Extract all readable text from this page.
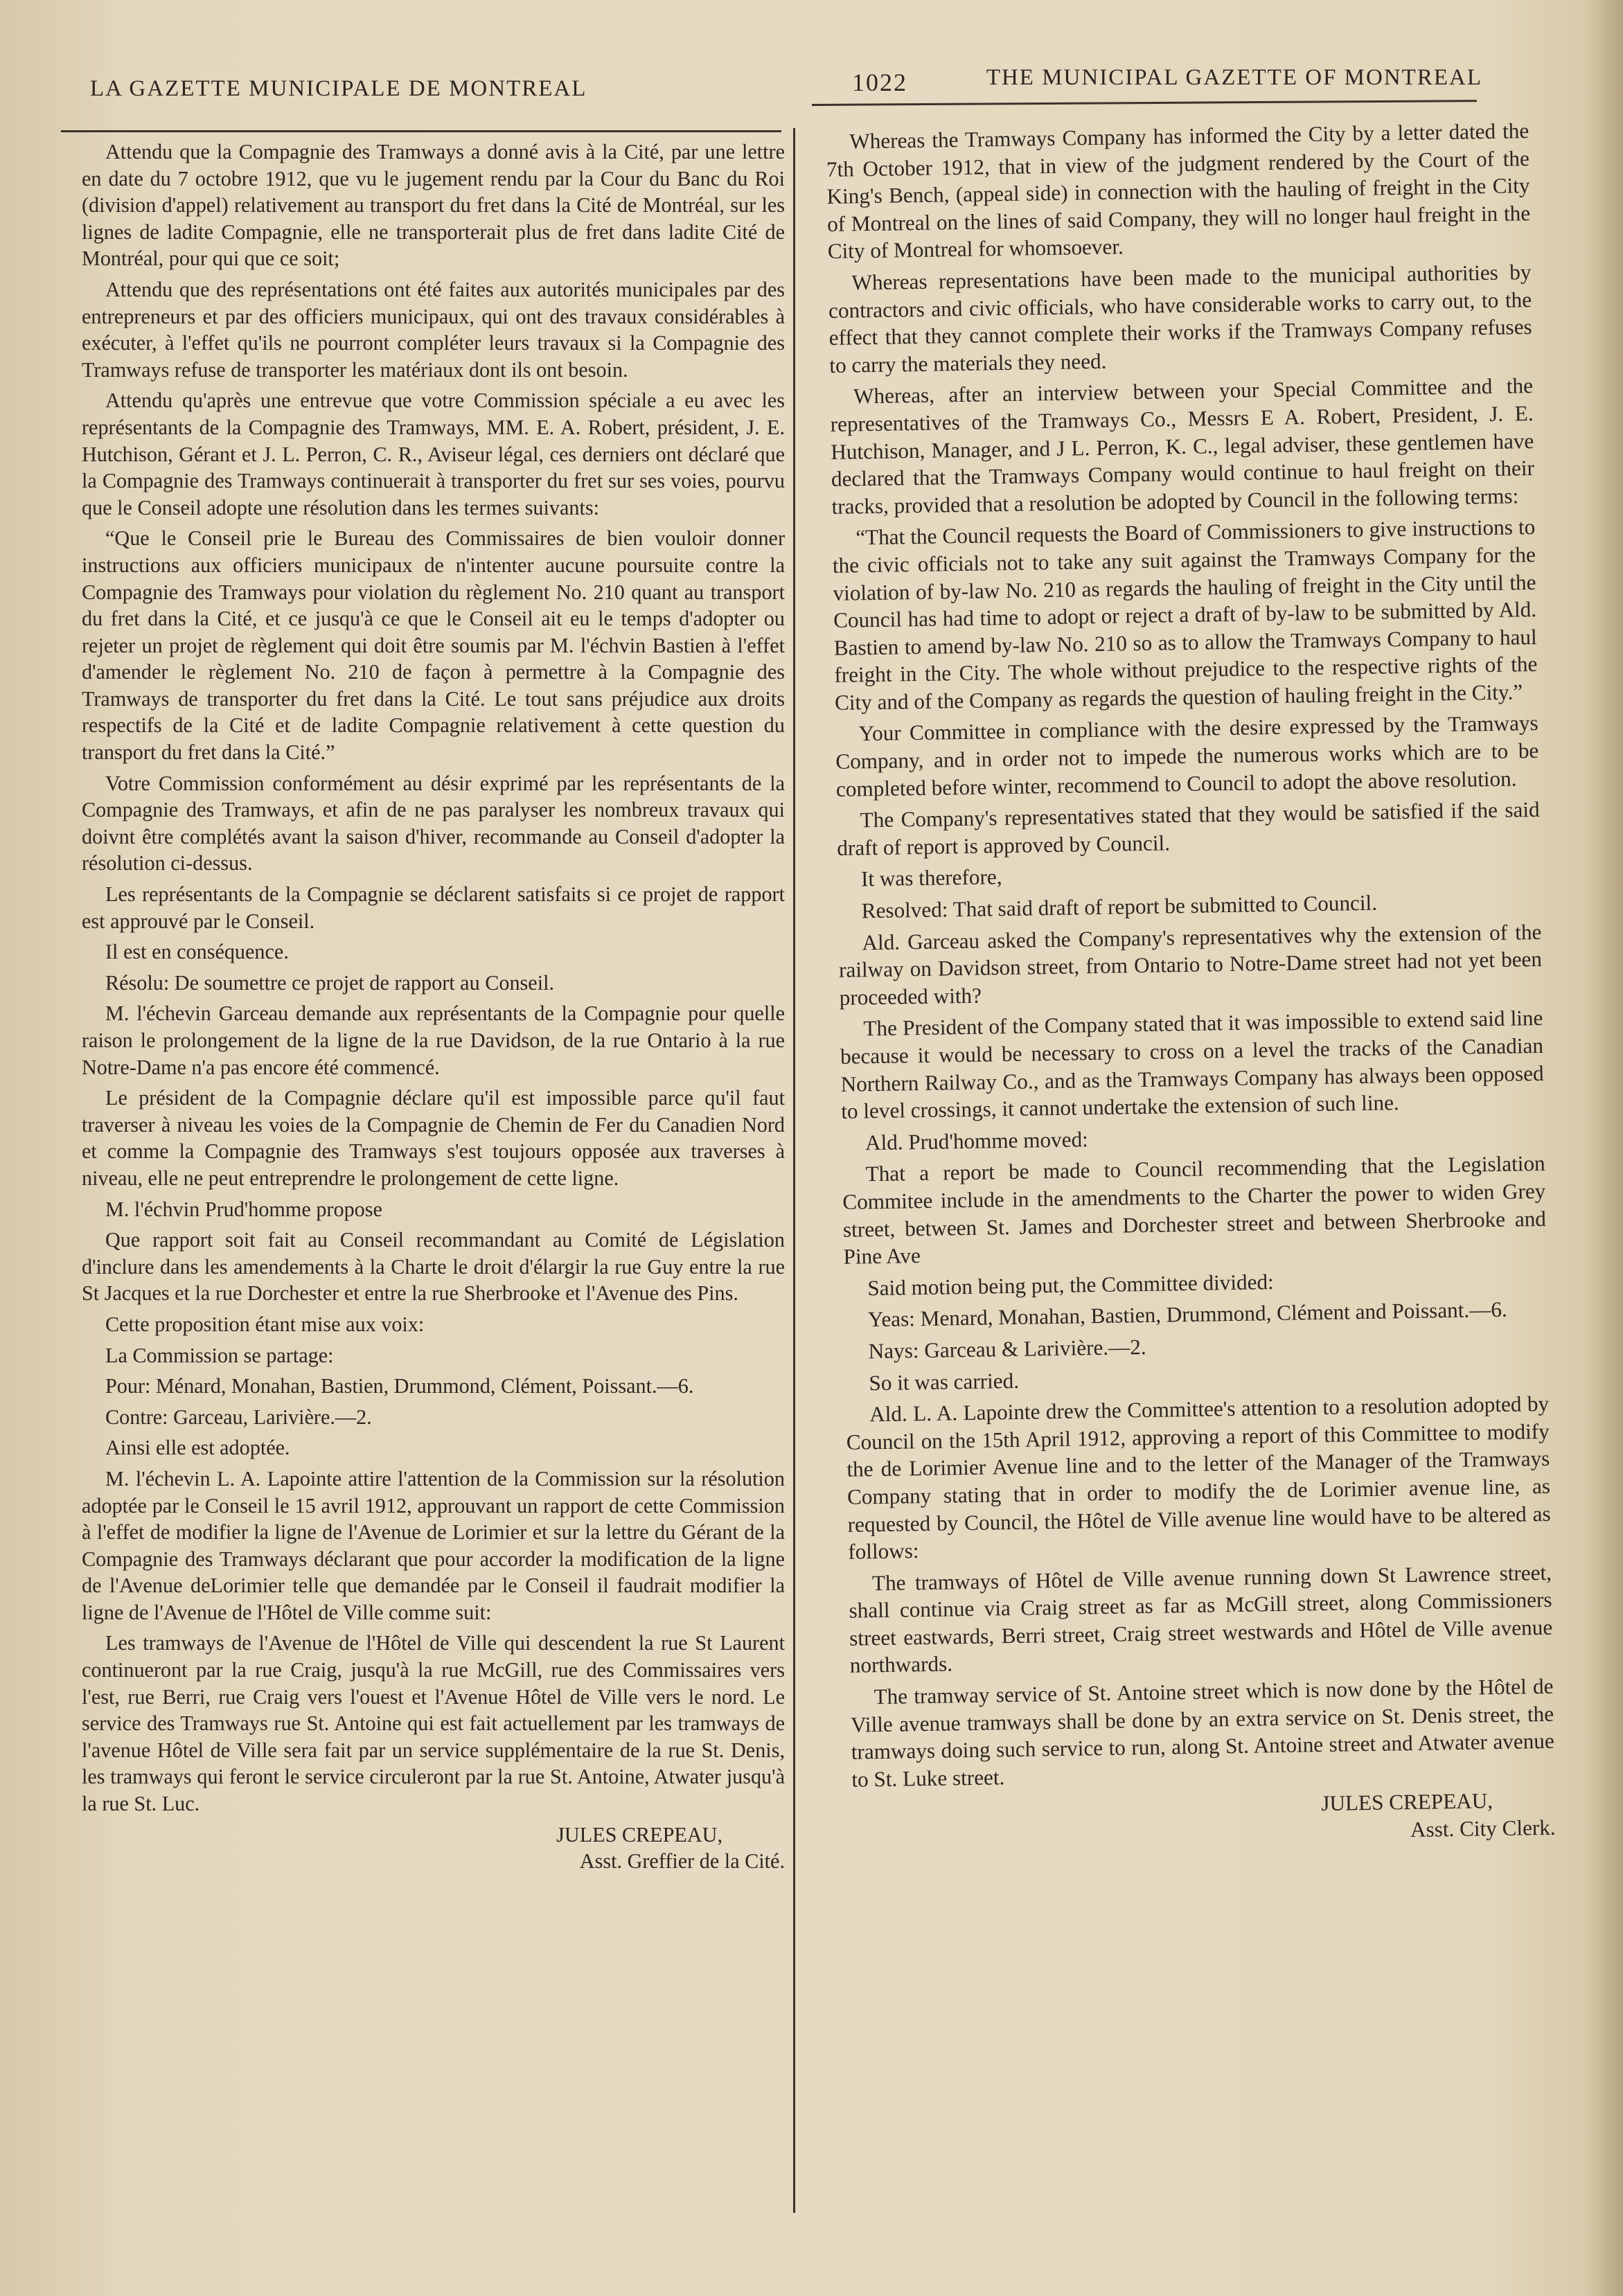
LA GAZETTE MUNICIPALE DE MONTREAL	1022	THE MUNICIPAL GAZETTE OF MONTREAL

Attendu que la Compagnie des Tramways a donné avis à la Cité, par une lettre en date du 7 octobre 1912, que vu le jugement rendu par la Cour du Banc du Roi (division d'appel) relativement au transport du fret dans la Cité de Montréal, sur les lignes de ladite Compagnie, elle ne transporterait plus de fret dans ladite Cité de Montréal, pour qui que ce soit;

Attendu que des représentations ont été faites aux autorités municipales par des entrepreneurs et par des officiers municipaux, qui ont des travaux considérables à exécuter, à l'effet qu'ils ne pourront compléter leurs travaux si la Compagnie des Tramways refuse de transporter les matériaux dont ils ont besoin.

Attendu qu'après une entrevue que votre Commission spéciale a eu avec les représentants de la Compagnie des Tramways, MM. E. A. Robert, président, J. E. Hutchison, Gérant et J. L. Perron, C. R., Aviseur légal, ces derniers ont déclaré que la Compagnie des Tramways continuerait à transporter du fret sur ses voies, pourvu que le Conseil adopte une résolution dans les termes suivants:

“Que le Conseil prie le Bureau des Commissaires de bien vouloir donner instructions aux officiers municipaux de n'intenter aucune poursuite contre la Compagnie des Tramways pour violation du règlement No. 210 quant au transport du fret dans la Cité, et ce jusqu'à ce que le Conseil ait eu le temps d'adopter ou rejeter un projet de règlement qui doit être soumis par M. l'échvin Bastien à l'effet d'amender le règlement No. 210 de façon à permettre à la Compagnie des Tramways de transporter du fret dans la Cité. Le tout sans préjudice aux droits respectifs de la Cité et de ladite Compagnie relativement à cette question du transport du fret dans la Cité.”

Votre Commission conformément au désir exprimé par les représentants de la Compagnie des Tramways, et afin de ne pas paralyser les nombreux travaux qui doivnt être complétés avant la saison d'hiver, recommande au Conseil d'adopter la résolution ci-dessus.

Les représentants de la Compagnie se déclarent satisfaits si ce projet de rapport est approuvé par le Conseil.

Il est en conséquence.

Résolu: De soumettre ce projet de rapport au Conseil.

M. l'échevin Garceau demande aux représentants de la Compagnie pour quelle raison le prolongement de la ligne de la rue Davidson, de la rue Ontario à la rue Notre-Dame n'a pas encore été commencé.

Le président de la Compagnie déclare qu'il est impossible parce qu'il faut traverser à niveau les voies de la Compagnie de Chemin de Fer du Canadien Nord et comme la Compagnie des Tramways s'est toujours opposée aux traverses à niveau, elle ne peut entreprendre le prolongement de cette ligne.

M. l'échvin Prud'homme propose

Que rapport soit fait au Conseil recommandant au Comité de Législation d'inclure dans les amendements à la Charte le droit d'élargir la rue Guy entre la rue St Jacques et la rue Dorchester et entre la rue Sherbrooke et l'Avenue des Pins.

Cette proposition étant mise aux voix:

La Commission se partage:

Pour: Ménard, Monahan, Bastien, Drummond, Clément, Poissant.—6.

Contre: Garceau, Larivière.—2.

Ainsi elle est adoptée.

M. l'échevin L. A. Lapointe attire l'attention de la Commission sur la résolution adoptée par le Conseil le 15 avril 1912, approuvant un rapport de cette Commission à l'effet de modifier la ligne de l'Avenue de Lorimier et sur la lettre du Gérant de la Compagnie des Tramways déclarant que pour accorder la modification de la ligne de l'Avenue deLorimier telle que demandée par le Conseil il faudrait modifier la ligne de l'Avenue de l'Hôtel de Ville comme suit:

Les tramways de l'Avenue de l'Hôtel de Ville qui descendent la rue St Laurent continueront par la rue Craig, jusqu'à la rue McGill, rue des Commissaires vers l'est, rue Berri, rue Craig vers l'ouest et l'Avenue Hôtel de Ville vers le nord. Le service des Tramways rue St. Antoine qui est fait actuellement par les tramways de l'avenue Hôtel de Ville sera fait par un service supplémentaire de la rue St. Denis, les tramways qui feront le service circuleront par la rue St. Antoine, Atwater jusqu'à la rue St. Luc.

JULES CREPEAU,

Asst. Greffier de la Cité.

Whereas the Tramways Company has informed the City by a letter dated the 7th October 1912, that in view of the judgment rendered by the Court of the King's Bench, (appeal side) in connection with the hauling of freight in the City of Montreal on the lines of said Company, they will no longer haul freight in the City of Montreal for whomsoever.

Whereas representations have been made to the municipal authorities by contractors and civic officials, who have considerable works to carry out, to the effect that they cannot complete their works if the Tramways Company refuses to carry the materials they need.

Whereas, after an interview between your Special Committee and the representatives of the Tramways Co., Messrs E A. Robert, President, J. E. Hutchison, Manager, and J L. Perron, K. C., legal adviser, these gentlemen have declared that the Tramways Company would continue to haul freight on their tracks, provided that a resolution be adopted by Council in the following terms:

“That the Council requests the Board of Commissioners to give instructions to the civic officials not to take any suit against the Tramways Company for the violation of by-law No. 210 as regards the hauling of freight in the City until the Council has had time to adopt or reject a draft of by-law to be submitted by Ald. Bastien to amend by-law No. 210 so as to allow the Tramways Company to haul freight in the City. The whole without prejudice to the respective rights of the City and of the Company as regards the question of hauling freight in the City.”

Your Committee in compliance with the desire expressed by the Tramways Company, and in order not to impede the numerous works which are to be completed before winter, recommend to Council to adopt the above resolution.

The Company's representatives stated that they would be satisfied if the said draft of report is approved by Council.

It was therefore,

Resolved: That said draft of report be submitted to Council.

Ald. Garceau asked the Company's representatives why the extension of the railway on Davidson street, from Ontario to Notre-Dame street had not yet been proceeded with?

The President of the Company stated that it was impossible to extend said line because it would be necessary to cross on a level the tracks of the Canadian Northern Railway Co., and as the Tramways Company has always been opposed to level crossings, it cannot undertake the extension of such line.

Ald. Prud'homme moved:

That a report be made to Council recommending that the Legislation Commitee include in the amendments to the Charter the power to widen Grey street, between St. James and Dorchester street and between Sherbrooke and Pine Ave

Said motion being put, the Committee divided:

Yeas: Menard, Monahan, Bastien, Drummond, Clément and Poissant.—6.

Nays: Garceau & Larivière.—2.

So it was carried.

Ald. L. A. Lapointe drew the Committee's attention to a resolution adopted by Council on the 15th April 1912, approving a report of this Committee to modify the de Lorimier Avenue line and to the letter of the Manager of the Tramways Company stating that in order to modify the de Lorimier avenue line, as requested by Council, the Hôtel de Ville avenue line would have to be altered as follows:

The tramways of Hôtel de Ville avenue running down St Lawrence street, shall continue via Craig street as far as McGill street, along Commissioners street eastwards, Berri street, Craig street westwards and Hôtel de Ville avenue northwards.

The tramway service of St. Antoine street which is now done by the Hôtel de Ville avenue tramways shall be done by an extra service on St. Denis street, the tramways doing such service to run, along St. Antoine street and Atwater avenue to St. Luke street.

JULES CREPEAU,

Asst. City Clerk.
